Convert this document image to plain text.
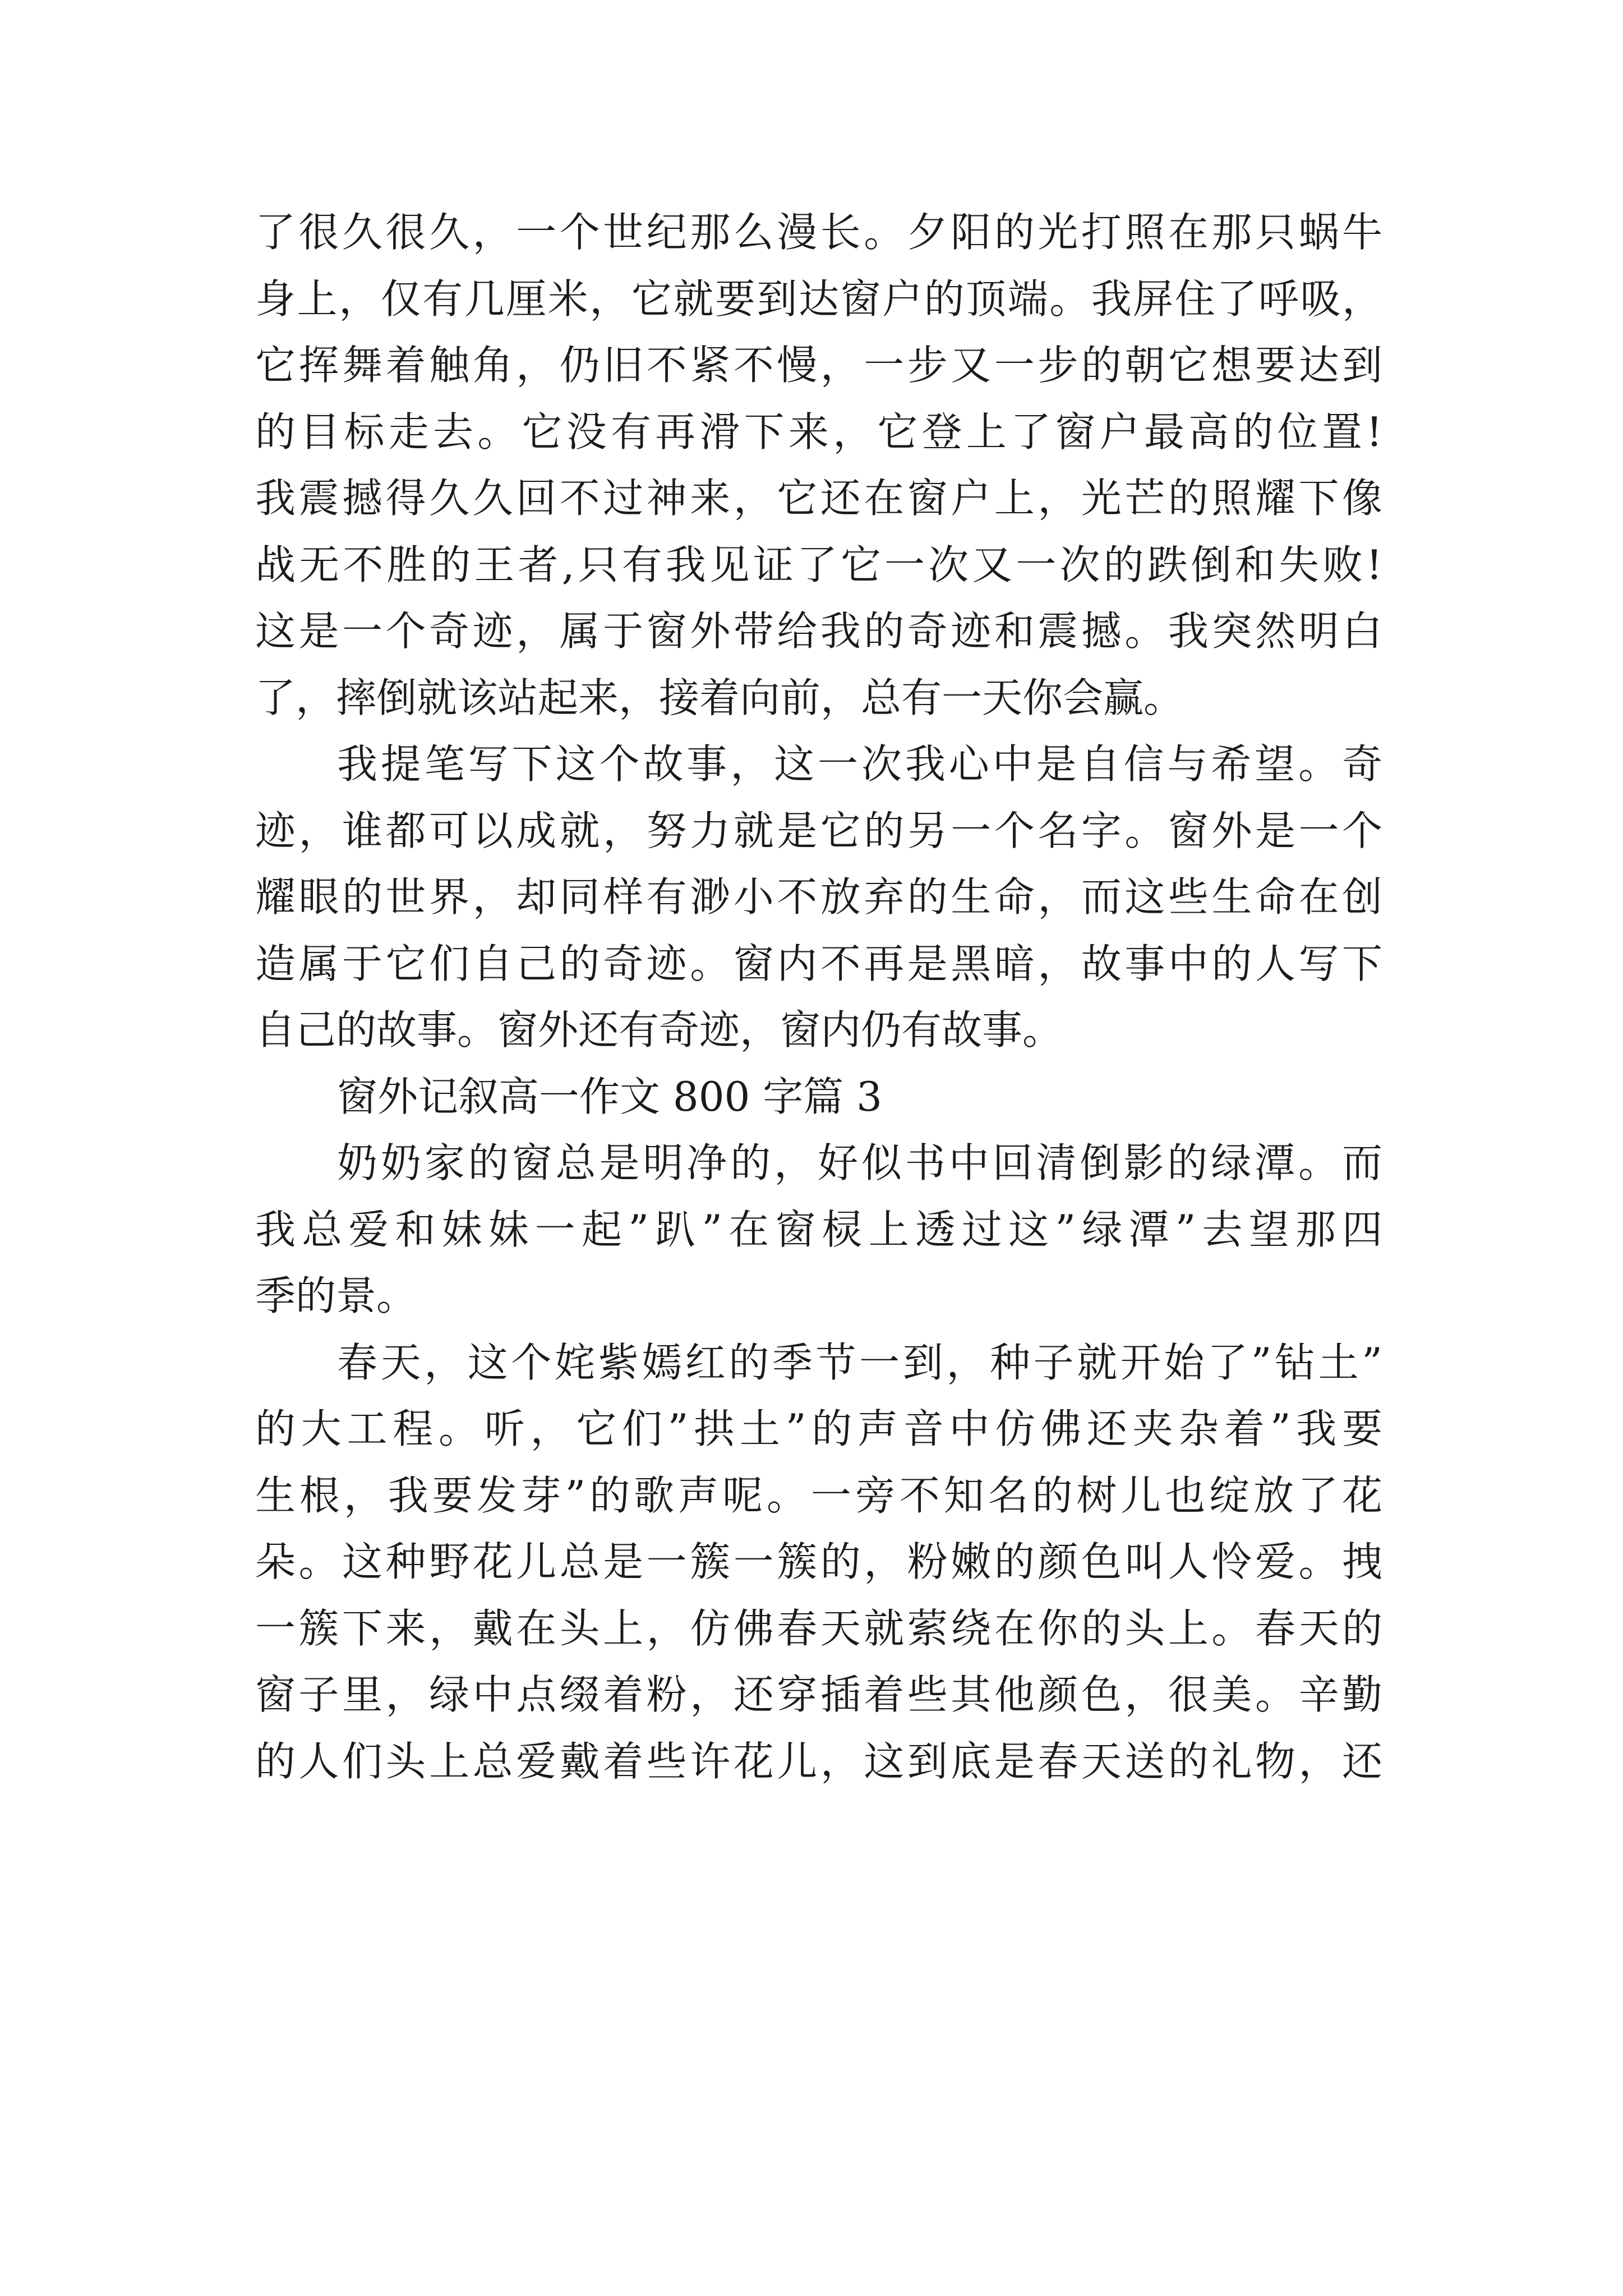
了很久很久，一个世纪那么漫长。夕阳的光打照在那只蜗牛
身上，仅有几厘米，它就要到达窗户的顶端。我屏住了呼吸，
它挥舞着触角，仍旧不紧不慢，一步又一步的朝它想要达到
的目标走去。它没有再滑下来，它登上了窗户最高的位置!
我震撼得久久回不过神来，它还在窗户上，光芒的照耀下像
战无不胜的王者,只有我见证了它一次又一次的跌倒和失败!
这是一个奇迹，属于窗外带给我的奇迹和震撼。我突然明白
了，摔倒就该站起来，接着向前，总有一天你会赢。
我提笔写下这个故事，这一次我心中是自信与希望。奇
迹，谁都可以成就，努力就是它的另一个名字。窗外是一个
耀眼的世界，却同样有渺小不放弃的生命，而这些生命在创
造属于它们自己的奇迹。窗内不再是黑暗，故事中的人写下
自己的故事。窗外还有奇迹，窗内仍有故事。
窗外记叙高一作文 800 字篇 3
奶奶家的窗总是明净的，好似书中回清倒影的绿潭。而
我总爱和妹妹一起”趴”在窗棂上透过这”绿潭”去望那四
季的景。
春天，这个姹紫嫣红的季节一到，种子就开始了”钻土”
的大工程。听，它们”拱土”的声音中仿佛还夹杂着”我要
生根，我要发芽”的歌声呢。一旁不知名的树儿也绽放了花
朵。这种野花儿总是一簇一簇的，粉嫩的颜色叫人怜爱。拽
一簇下来，戴在头上，仿佛春天就萦绕在你的头上。春天的
窗子里，绿中点缀着粉，还穿插着些其他颜色，很美。辛勤
的人们头上总爱戴着些许花儿，这到底是春天送的礼物，还
